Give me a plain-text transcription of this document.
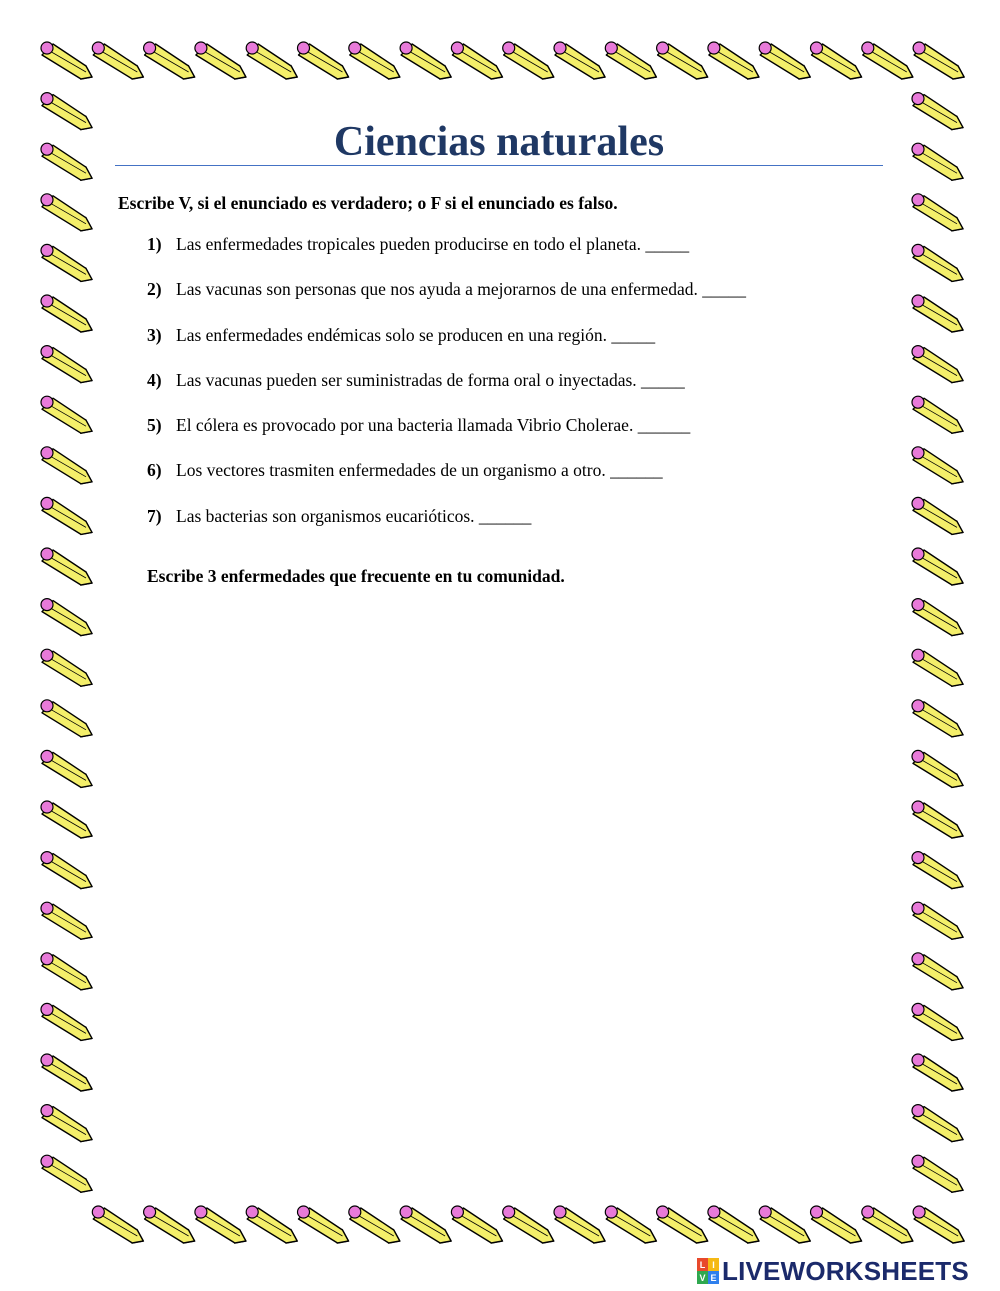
Ciencias naturales

Escribe V, si el enunciado es verdadero; o F si el enunciado es falso.

1) Las enfermedades tropicales pueden producirse en todo el planeta. _____
2) Las vacunas son personas que nos ayuda a mejorarnos de una enfermedad. _____
3) Las enfermedades endémicas solo se producen en una región. _____
4) Las vacunas pueden ser suministradas de forma oral o inyectadas. _____
5) El cólera es provocado por una bacteria llamada Vibrio Cholerae. ______
6) Los vectores trasmiten enfermedades de un organismo a otro. ______
7) Las bacterias son organismos eucarióticos. ______

Escribe 3 enfermedades que frecuente en tu comunidad.

L I
V E LIVEWORKSHEETS
